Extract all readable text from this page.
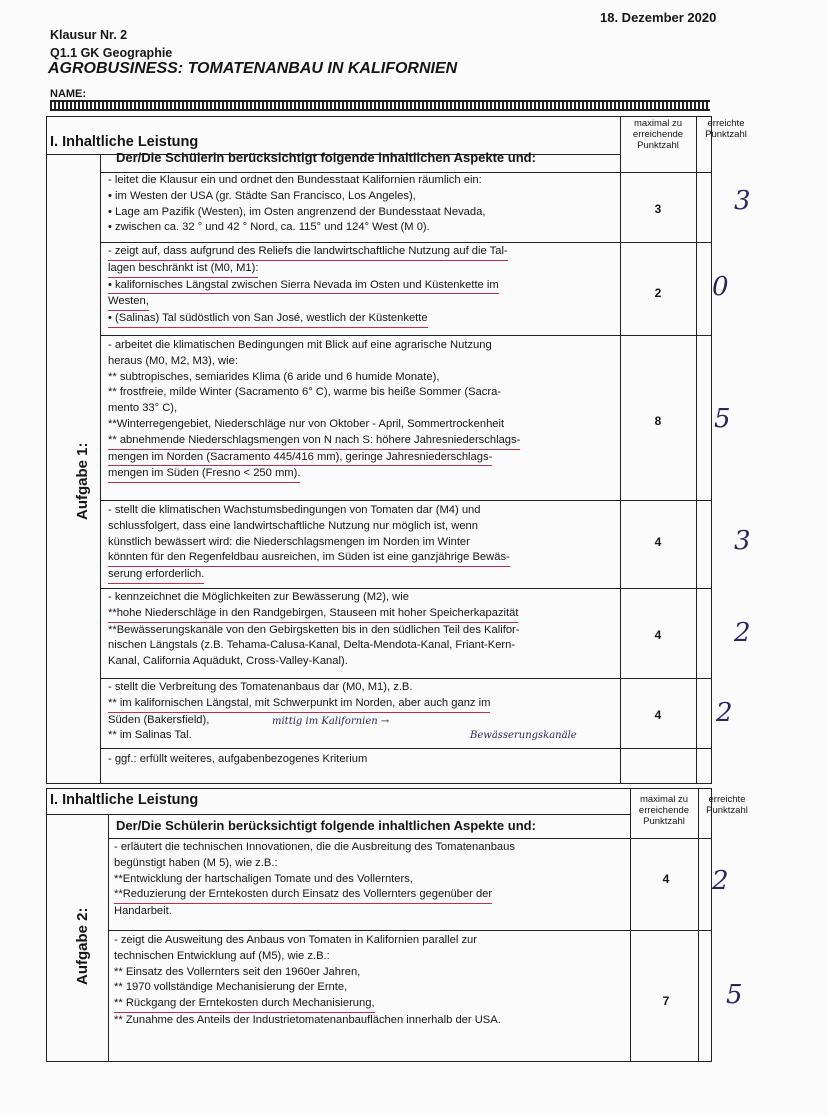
18. Dezember 2020
Klausur Nr. 2
Q1.1 GK Geographie
AGROBUSINESS: TOMATENANBAU IN KALIFORNIEN
NAME:
I. Inhaltliche Leistung
Der/Die Schülerin berücksichtigt folgende inhaltlichen Aspekte und:
maximal zu
erreichende
Punktzahl
erreichte
Punktzahl
Aufgabe 1:
- leitet die Klausur ein und ordnet den Bundesstaat Kalifornien räumlich ein:
• im Westen der USA (gr. Städte San Francisco, Los Angeles),
• Lage am Pazifik (Westen), im Osten angrenzend der Bundesstaat Nevada,
• zwischen ca. 32 ° und 42 ° Nord, ca. 115° und 124° West (M 0).
3	3
- zeigt auf, dass aufgrund des Reliefs die landwirtschaftliche Nutzung auf die Tal-
lagen beschränkt ist (M0, M1):
• kalifornisches Längstal zwischen Sierra Nevada im Osten und Küstenkette im
Westen,
• (Salinas) Tal südöstlich von San José, westlich der Küstenkette
2 0
- arbeitet die klimatischen Bedingungen mit Blick auf eine agrarische Nutzung
heraus (M0, M2, M3), wie:
** subtropisches, semiarides Klima (6 aride und 6 humide Monate),
** frostfreie, milde Winter (Sacramento 6° C), warme bis heiße Sommer (Sacra-
mento 33° C),
**Winterregengebiet, Niederschläge nur von Oktober - April, Sommertrockenheit
** abnehmende Niederschlagsmengen von N nach S: höhere Jahresniederschlags-
mengen im Norden (Sacramento 445/416 mm), geringe Jahresniederschlags-
mengen im Süden (Fresno < 250 mm).
8 5
- stellt die klimatischen Wachstumsbedingungen von Tomaten dar (M4) und
schlussfolgert, dass eine landwirtschaftliche Nutzung nur möglich ist, wenn
künstlich bewässert wird: die Niederschlagsmengen im Norden im Winter
könnten für den Regenfeldbau ausreichen, im Süden ist eine ganzjährige Bewäs-
serung erforderlich.
4	3
- kennzeichnet die Möglichkeiten zur Bewässerung (M2), wie
**hohe Niederschläge in den Randgebirgen, Stauseen mit hoher Speicherkapazität
**Bewässerungskanäle von den Gebirgsketten bis in den südlichen Teil des Kalifor-
nischen Längstals (z.B. Tehama-Calusa-Kanal, Delta-Mendota-Kanal, Friant-Kern-
Kanal, California Aquädukt, Cross-Valley-Kanal).
4	2
- stellt die Verbreitung des Tomatenanbaus dar (M0, M1), z.B.
** im kalifornischen Längstal, mit Schwerpunkt im Norden, aber auch ganz im
Süden (Bakersfield),
** im Salinas Tal.
mittig im Kalifornien →
Bewässerungskanäle
4 2
- ggf.: erfüllt weiteres, aufgabenbezogenes Kriterium
I. Inhaltliche Leistung
Der/Die Schülerin berücksichtigt folgende inhaltlichen Aspekte und:
maximal zu
erreichende
Punktzahl
erreichte
Punktzahl
Aufgabe 2:
- erläutert die technischen Innovationen, die die Ausbreitung des Tomatenanbaus
begünstigt haben (M 5), wie z.B.:
**Entwicklung der hartschaligen Tomate und des Vollernters,
**Reduzierung der Erntekosten durch Einsatz des Vollernters gegenüber der
Handarbeit.
4 2
- zeigt die Ausweitung des Anbaus von Tomaten in Kalifornien parallel zur
technischen Entwicklung auf (M5), wie z.B.:
** Einsatz des Vollernters seit den 1960er Jahren,
** 1970 vollständige Mechanisierung der Ernte,
** Rückgang der Erntekosten durch Mechanisierung,
** Zunahme des Anteils der Industrietomatenanbauflächen innerhalb der USA.
7 5
